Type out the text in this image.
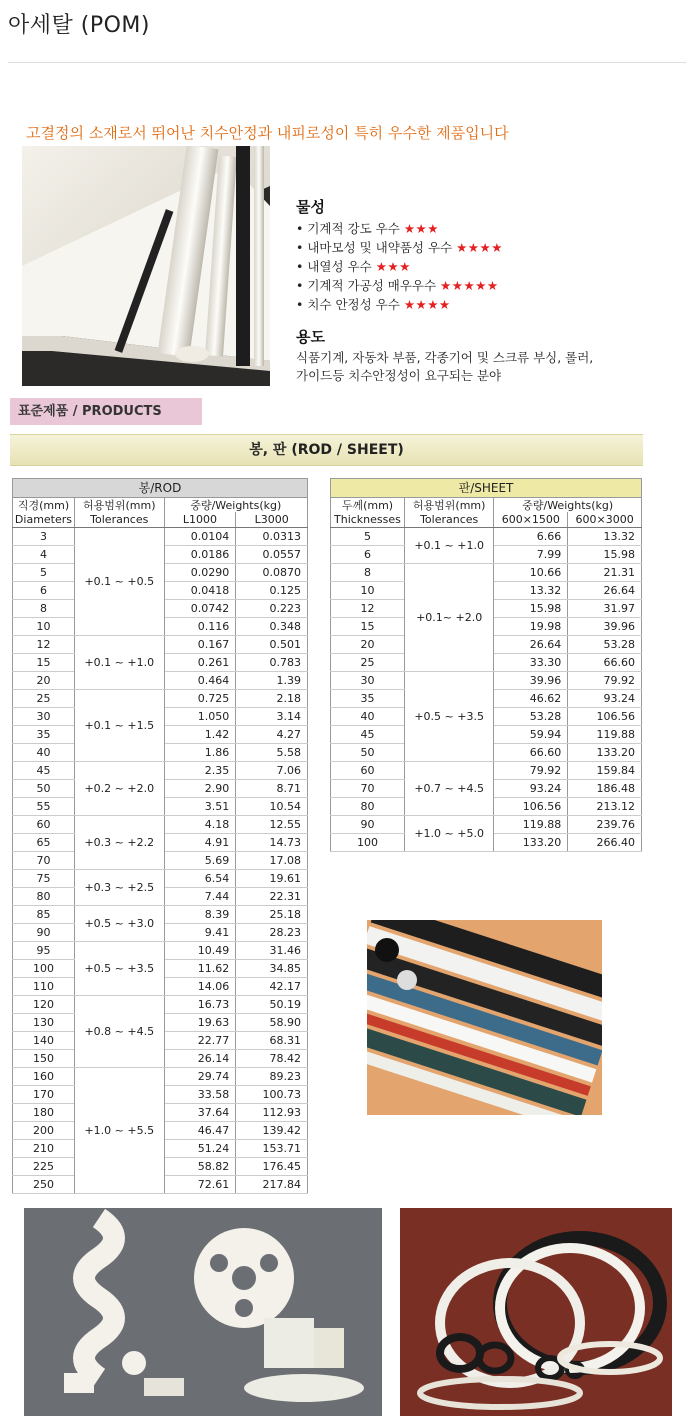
아세탈 (POM)
고결정의 소재로서 뛰어난 치수안정과 내피로성이 특히 우수한 제품입니다
물성
• 기계적 강도 우수 ★★★
• 내마모성 및 내약품성 우수 ★★★★
• 내열성 우수 ★★★
• 기계적 가공성 매우우수 ★★★★★
• 치수 안정성 우수 ★★★★
용도
식품기계, 자동차 부품, 각종기어 및 스크류 부싱, 롤러, 가이드등 치수안정성이 요구되는 분야
표준제품 / PRODUCTS
봉, 판 (ROD / SHEET)
봉/ROD			
직경(mm)	허용범위(mm)	중량/Weights(kg)	
Diameters	Tolerances	L1000	L3000
3	+0.1 ~ +0.5	0.0104	0.0313
4		0.0186	0.0557
5		0.0290	0.0870
6		0.0418	0.125
8		0.0742	0.223
10		0.116	0.348
12	+0.1 ~ +1.0	0.167	0.501
15		0.261	0.783
20		0.464	1.39
25	+0.1 ~ +1.5	0.725	2.18
30		1.050	3.14
35		1.42	4.27
40		1.86	5.58
45	+0.2 ~ +2.0	2.35	7.06
50		2.90	8.71
55		3.51	10.54
60	+0.3 ~ +2.2	4.18	12.55
65		4.91	14.73
70		5.69	17.08
75	+0.3 ~ +2.5	6.54	19.61
80		7.44	22.31
85	+0.5 ~ +3.0	8.39	25.18
90		9.41	28.23
95	+0.5 ~ +3.5	10.49	31.46
100		11.62	34.85
110		14.06	42.17
120	+0.8 ~ +4.5	16.73	50.19
130		19.63	58.90
140		22.77	68.31
150		26.14	78.42
160	+1.0 ~ +5.5	29.74	89.23
170		33.58	100.73
180		37.64	112.93
200		46.47	139.42
210		51.24	153.71
225		58.82	176.45
250		72.61	217.84
판/SHEET			
두께(mm)	허용범위(mm)	중량/Weights(kg)	
Thicknesses	Tolerances	600×1500	600×3000
5	+0.1 ~ +1.0	6.66	13.32
6		7.99	15.98
8	+0.1~ +2.0	10.66	21.31
10		13.32	26.64
12		15.98	31.97
15		19.98	39.96
20		26.64	53.28
25		33.30	66.60
30	+0.5 ~ +3.5	39.96	79.92
35		46.62	93.24
40		53.28	106.56
45		59.94	119.88
50		66.60	133.20
60	+0.7 ~ +4.5	79.92	159.84
70		93.24	186.48
80		106.56	213.12
90	+1.0 ~ +5.0	119.88	239.76
100		133.20	266.40
